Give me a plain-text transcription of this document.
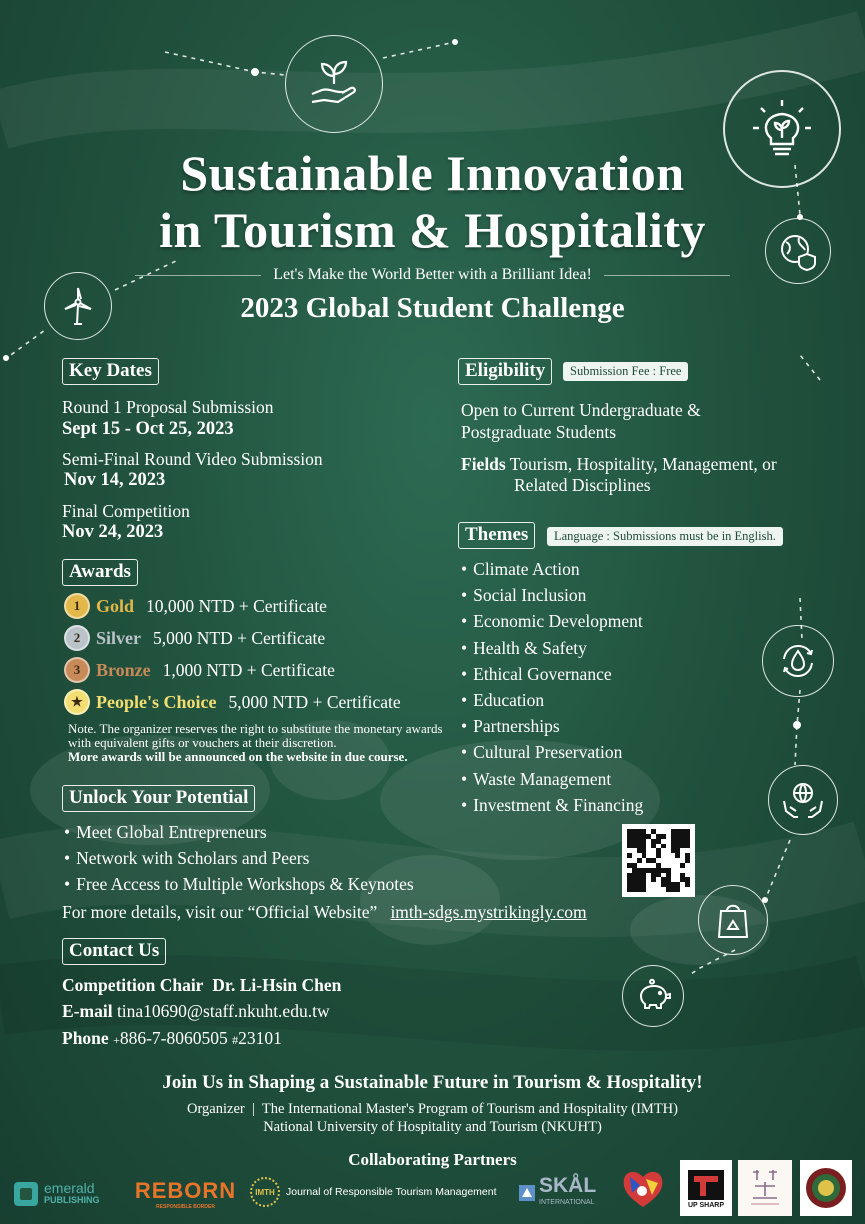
Sustainable Innovation
in Tourism & Hospitality
Let's Make the World Better with a Brilliant Idea!
2023 Global Student Challenge
Key Dates
Round 1 Proposal Submission
Sept 15 - Oct 25, 2023
Semi-Final Round Video Submission
Nov 14, 2023
Final Competition
Nov 24, 2023
Awards
1 Gold 10,000 NTD + Certificate
2 Silver 5,000 NTD + Certificate
3 Bronze 1,000 NTD + Certificate
★ People's Choice 5,000 NTD + Certificate
Note. The organizer reserves the right to substitute the monetary awards with equivalent gifts or vouchers at their discretion.
More awards will be announced on the website in due course.
Unlock Your Potential
• Meet Global Entrepreneurs
• Network with Scholars and Peers
• Free Access to Multiple Workshops & Keynotes
For more details, visit our “Official Website” imth-sdgs.mystrikingly.com
Contact Us
Competition Chair Dr. Li-Hsin Chen
E-mail tina10690@staff.nkuht.edu.tw
Phone +886-7-8060505 #23101
Eligibility	Submission Fee : Free
Open to Current Undergraduate &
Postgraduate Students
Fields Tourism, Hospitality, Management, or
Related Disciplines
Themes	Language : Submissions must be in English.
• Climate Action
• Social Inclusion
• Economic Development
• Health & Safety
• Ethical Governance
• Education
• Partnerships
• Cultural Preservation
• Waste Management
• Investment & Financing
Join Us in Shaping a Sustainable Future in Tourism & Hospitality!
Organizer  |  The International Master's Program of Tourism and Hospitality (IMTH)
National University of Hospitality and Tourism (NKUHT)
Collaborating Partners
emerald
PUBLISHING REBORN
RESPONSIBLE BORDER
IMTH	Journal of Responsible Tourism Management SKÅL
INTERNATIONAL	UP SHARP
